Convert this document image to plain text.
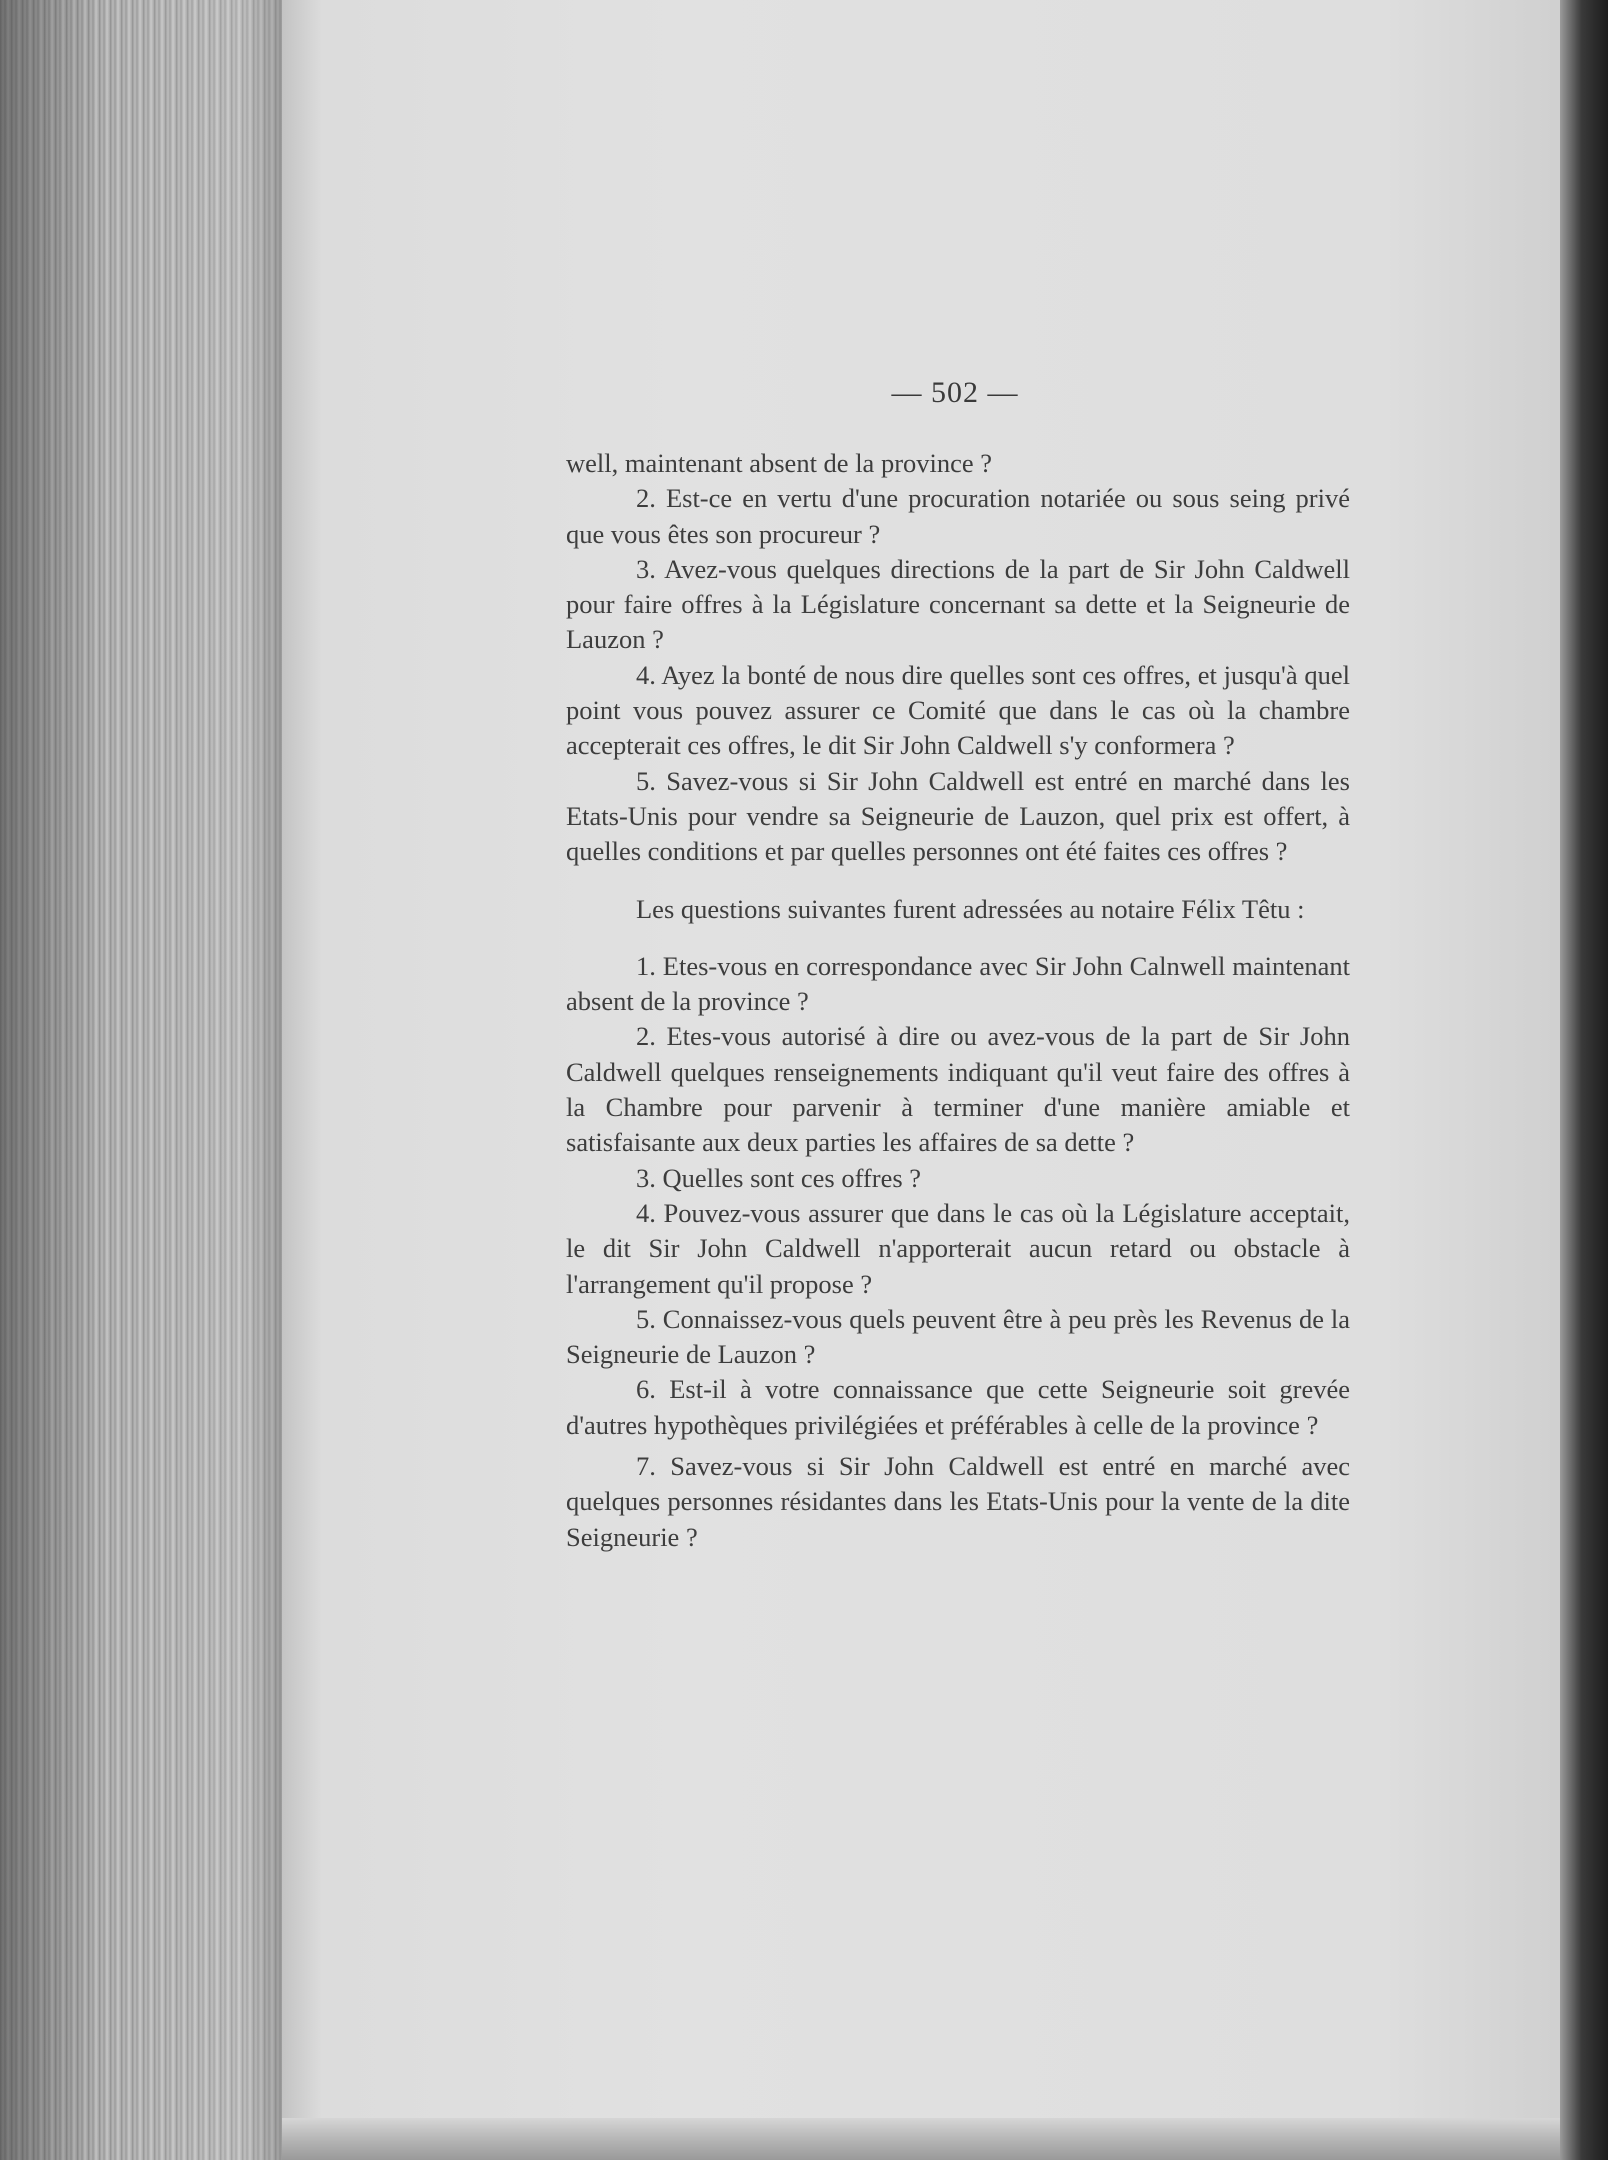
— 502 —

well, maintenant absent de la province ?

2. Est-ce en vertu d'une procuration notariée ou sous seing privé que vous êtes son procureur ?

3. Avez-vous quelques directions de la part de Sir John Caldwell pour faire offres à la Législature concernant sa dette et la Seigneurie de Lauzon ?

4. Ayez la bonté de nous dire quelles sont ces offres, et jusqu'à quel point vous pouvez assurer ce Comité que dans le cas où la chambre accepterait ces offres, le dit Sir John Caldwell s'y conformera ?

5. Savez-vous si Sir John Caldwell est entré en marché dans les Etats-Unis pour vendre sa Seigneurie de Lauzon, quel prix est offert, à quelles conditions et par quelles personnes ont été faites ces offres ?

Les questions suivantes furent adressées au notaire Félix Têtu :

1. Etes-vous en correspondance avec Sir John Calnwell maintenant absent de la province ?

2. Etes-vous autorisé à dire ou avez-vous de la part de Sir John Caldwell quelques renseignements indiquant qu'il veut faire des offres à la Chambre pour parvenir à terminer d'une manière amiable et satisfaisante aux deux parties les affaires de sa dette ?

3. Quelles sont ces offres ?

4. Pouvez-vous assurer que dans le cas où la Législature acceptait, le dit Sir John Caldwell n'apporterait aucun retard ou obstacle à l'arrangement qu'il propose ?

5. Connaissez-vous quels peuvent être à peu près les Revenus de la Seigneurie de Lauzon ?

6. Est-il à votre connaissance que cette Seigneurie soit grevée d'autres hypothèques privilégiées et préférables à celle de la province ?

7. Savez-vous si Sir John Caldwell est entré en marché avec quelques personnes résidantes dans les Etats-Unis pour la vente de la dite Seigneurie ?
